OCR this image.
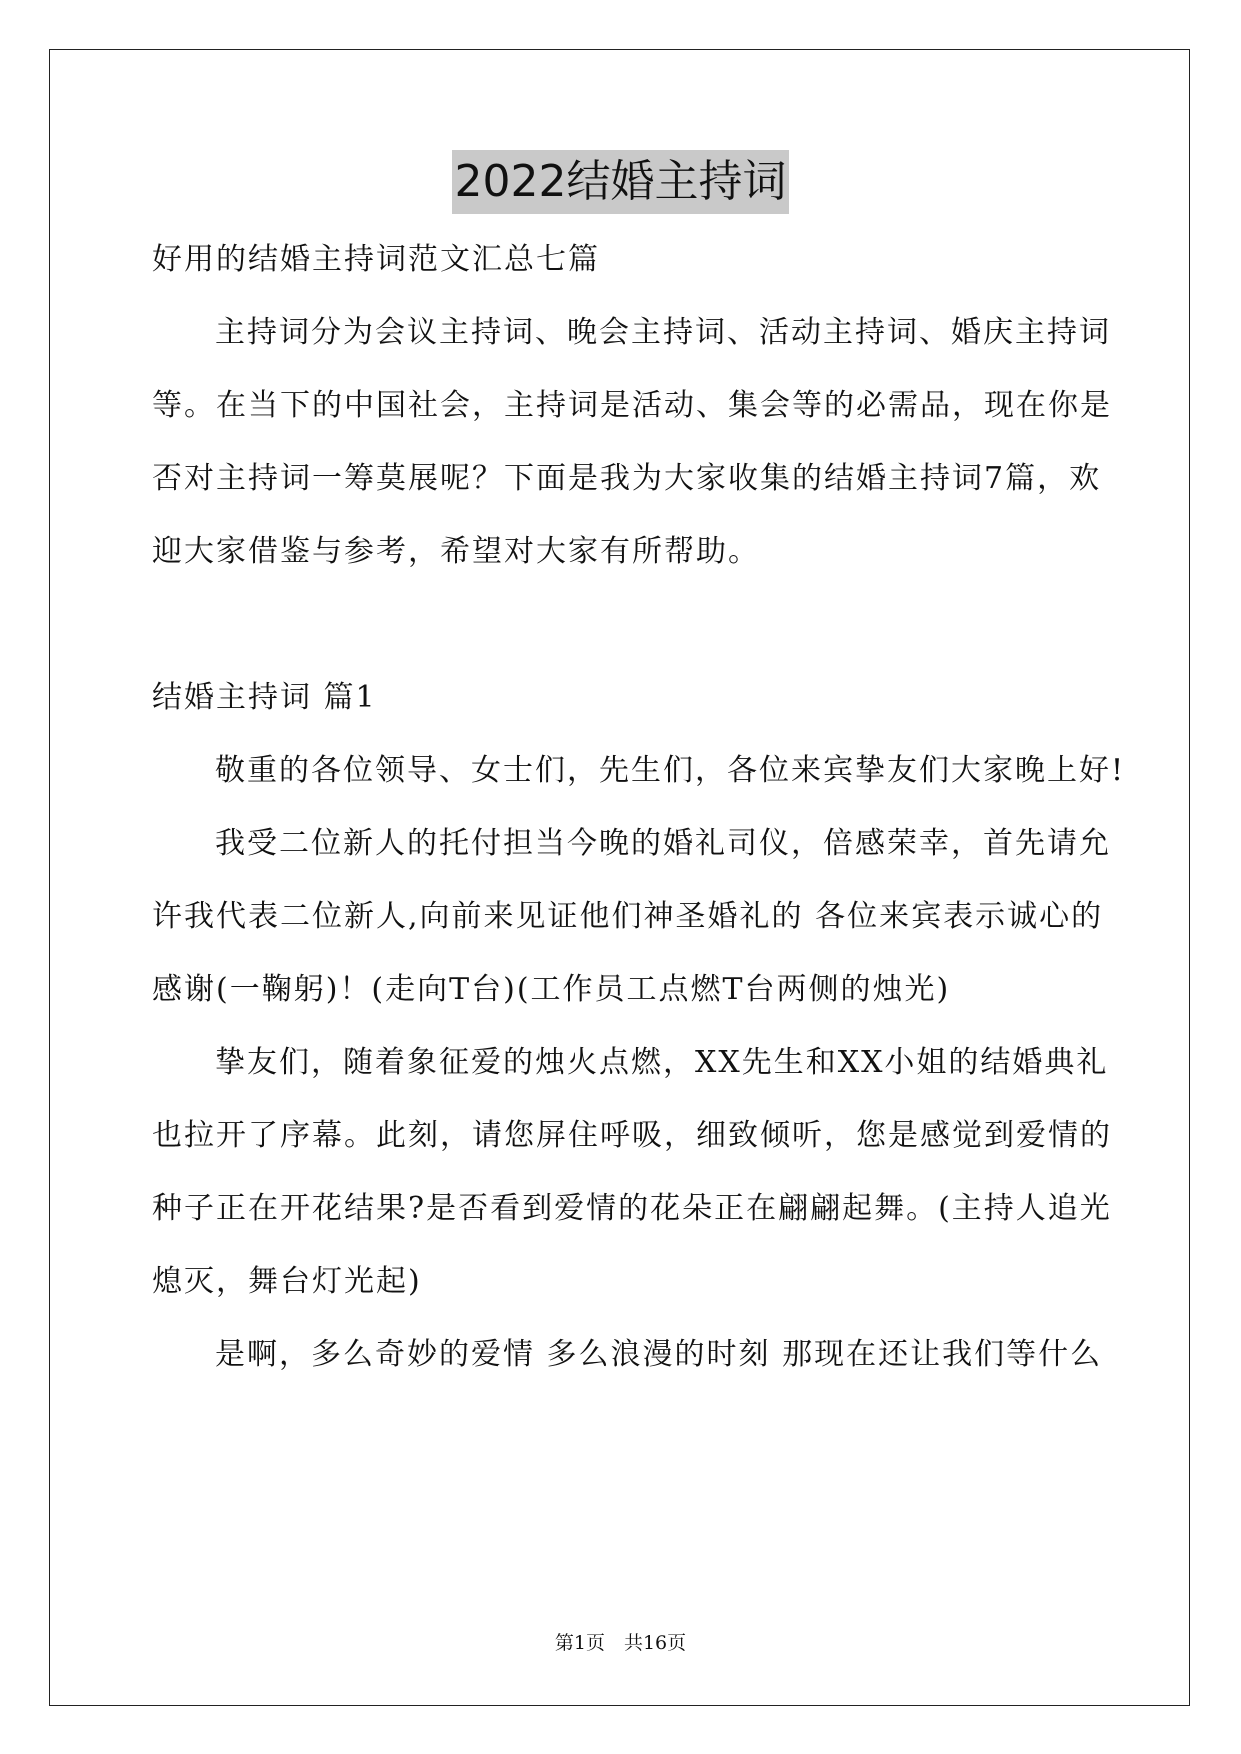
2022结婚主持词
好用的结婚主持词范文汇总七篇
主持词分为会议主持词、晚会主持词、活动主持词、婚庆主持词
等。在当下的中国社会，主持词是活动、集会等的必需品，现在你是
否对主持词一筹莫展呢？下面是我为大家收集的结婚主持词7篇，欢
迎大家借鉴与参考，希望对大家有所帮助。
结婚主持词 篇1
敬重的各位领导、女士们，先生们，各位来宾挚友们大家晚上好!
我受二位新人的托付担当今晚的婚礼司仪，倍感荣幸，首先请允
许我代表二位新人,向前来见证他们神圣婚礼的 各位来宾表示诚心的
感谢(一鞠躬)！(走向T台)(工作员工点燃T台两侧的烛光)
挚友们，随着象征爱的烛火点燃，XX先生和XX小姐的结婚典礼
也拉开了序幕。此刻，请您屏住呼吸，细致倾听，您是感觉到爱情的
种子正在开花结果?是否看到爱情的花朵正在翩翩起舞。(主持人追光
熄灭，舞台灯光起)
是啊，多么奇妙的爱情 多么浪漫的时刻 那现在还让我们等什么
第1页　共16页
